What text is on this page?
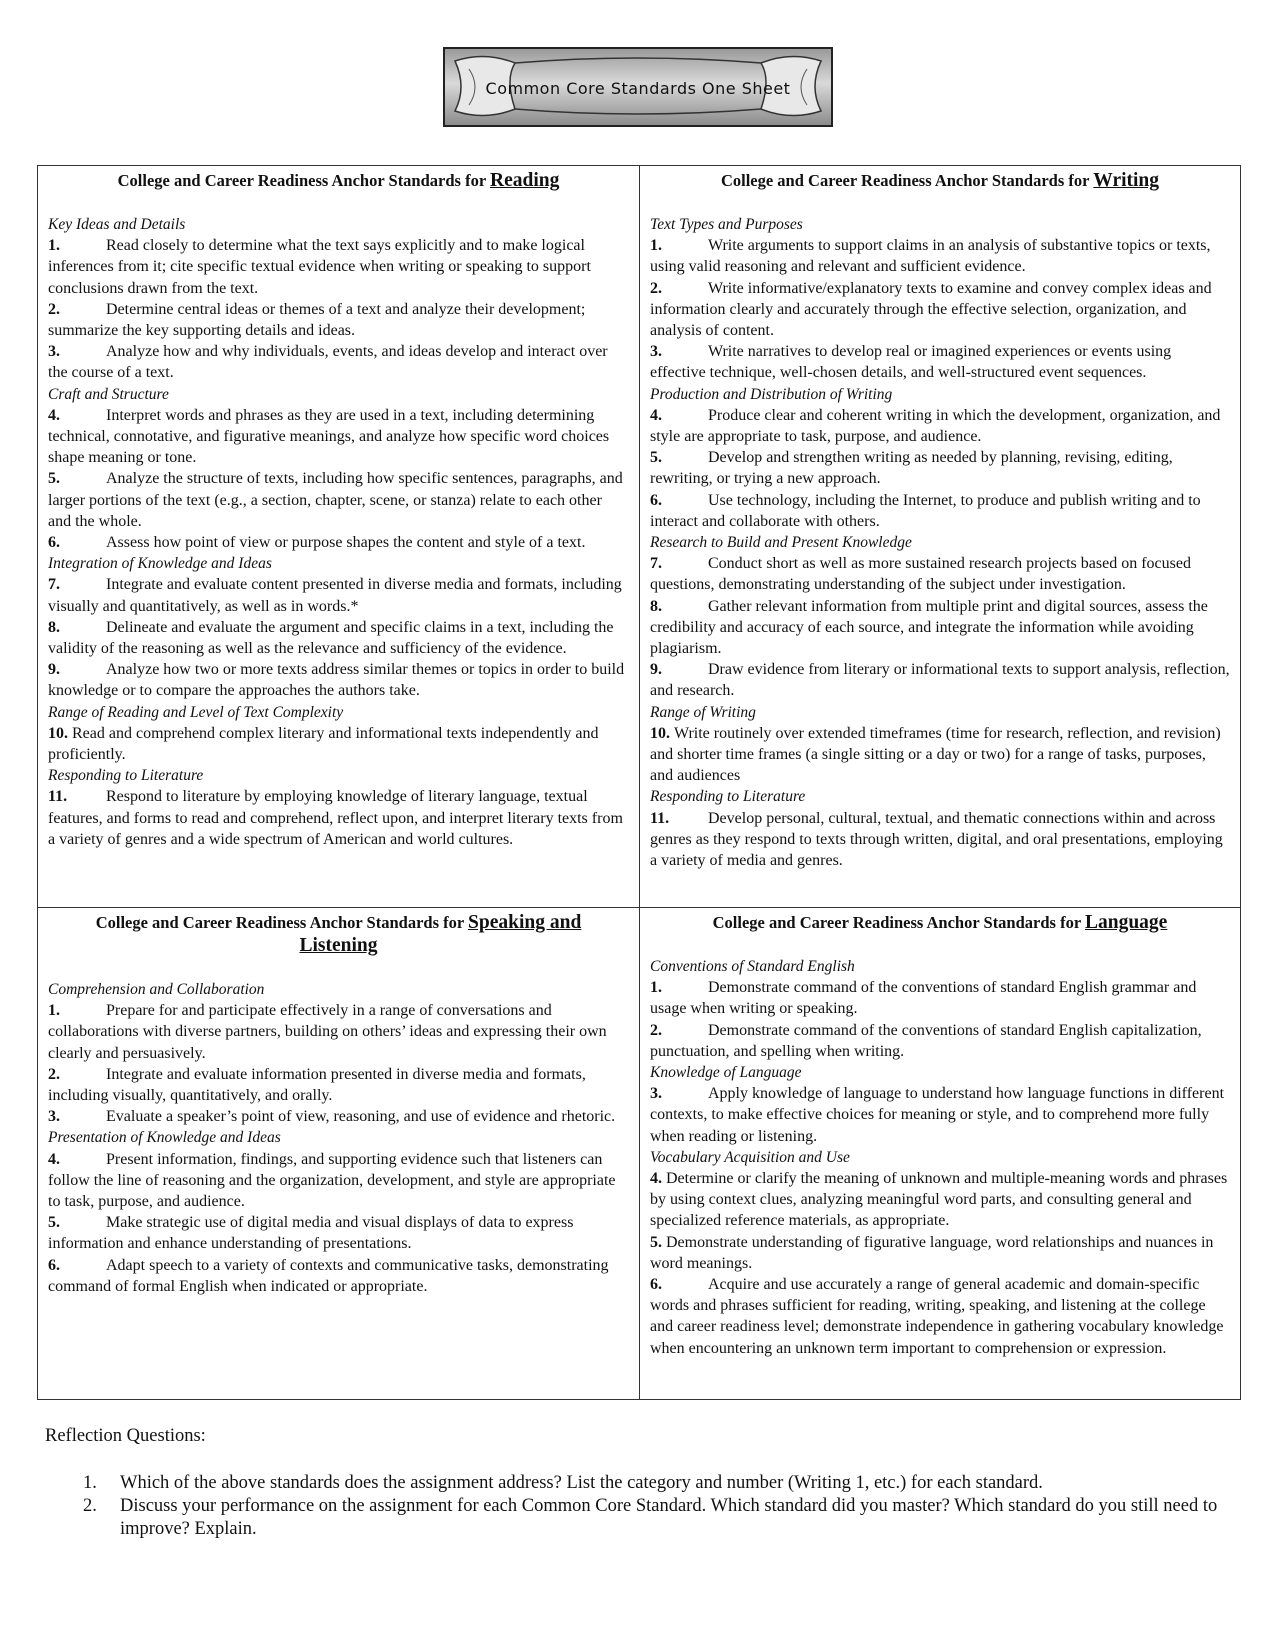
Common Core Standards One Sheet
College and Career Readiness Anchor Standards for Reading

Key Ideas and Details

1.	Read closely to determine what the text says explicitly and to make logical inferences from it; cite specific textual evidence when writing or speaking to support conclusions drawn from the text.

2.	Determine central ideas or themes of a text and analyze their development; summarize the key supporting details and ideas.

3.	Analyze how and why individuals, events, and ideas develop and interact over the course of a text.

Craft and Structure

4.	Interpret words and phrases as they are used in a text, including determining technical, connotative, and figurative meanings, and analyze how specific word choices shape meaning or tone.

5.	Analyze the structure of texts, including how specific sentences, paragraphs, and larger portions of the text (e.g., a section, chapter, scene, or stanza) relate to each other and the whole.

6.	Assess how point of view or purpose shapes the content and style of a text.

Integration of Knowledge and Ideas

7.	Integrate and evaluate content presented in diverse media and formats, including visually and quantitatively, as well as in words.*

8.	Delineate and evaluate the argument and specific claims in a text, including the validity of the reasoning as well as the relevance and sufficiency of the evidence.

9.	Analyze how two or more texts address similar themes or topics in order to build knowledge or to compare the approaches the authors take.

Range of Reading and Level of Text Complexity

10. Read and comprehend complex literary and informational texts independently and proficiently.

Responding to Literature

11. Respond to literature by employing knowledge of literary language, textual features, and forms to read and comprehend, reflect upon, and interpret literary texts from a variety of genres and a wide spectrum of American and world cultures.

College and Career Readiness Anchor Standards for Writing

Text Types and Purposes

1.	Write arguments to support claims in an analysis of substantive topics or texts, using valid reasoning and relevant and sufficient evidence.

2.	Write informative/explanatory texts to examine and convey complex ideas and information clearly and accurately through the effective selection, organization, and analysis of content.

3.	Write narratives to develop real or imagined experiences or events using effective technique, well-chosen details, and well-structured event sequences.

Production and Distribution of Writing

4.	Produce clear and coherent writing in which the development, organization, and style are appropriate to task, purpose, and audience.

5.	Develop and strengthen writing as needed by planning, revising, editing, rewriting, or trying a new approach.

6.	Use technology, including the Internet, to produce and publish writing and to interact and collaborate with others.

Research to Build and Present Knowledge

7.	Conduct short as well as more sustained research projects based on focused questions, demonstrating understanding of the subject under investigation.

8.	Gather relevant information from multiple print and digital sources, assess the credibility and accuracy of each source, and integrate the information while avoiding plagiarism.

9.	Draw evidence from literary or informational texts to support analysis, reflection, and research.

Range of Writing

10. Write routinely over extended timeframes (time for research, reflection, and revision) and shorter time frames (a single sitting or a day or two) for a range of tasks, purposes, and audiences

Responding to Literature

11. Develop personal, cultural, textual, and thematic connections within and across genres as they respond to texts through written, digital, and oral presentations, employing a variety of media and genres.

College and Career Readiness Anchor Standards for Speaking and Listening

Comprehension and Collaboration

1.	Prepare for and participate effectively in a range of conversations and collaborations with diverse partners, building on others’ ideas and expressing their own clearly and persuasively.

2.	Integrate and evaluate information presented in diverse media and formats, including visually, quantitatively, and orally.

3.	Evaluate a speaker’s point of view, reasoning, and use of evidence and rhetoric.

Presentation of Knowledge and Ideas

4.	Present information, findings, and supporting evidence such that listeners can follow the line of reasoning and the organization, development, and style are appropriate to task, purpose, and audience.

5.	Make strategic use of digital media and visual displays of data to express information and enhance understanding of presentations.

6.	Adapt speech to a variety of contexts and communicative tasks, demonstrating command of formal English when indicated or appropriate.

College and Career Readiness Anchor Standards for Language

Conventions of Standard English

1.	Demonstrate command of the conventions of standard English grammar and usage when writing or speaking.

2.	Demonstrate command of the conventions of standard English capitalization, punctuation, and spelling when writing.

Knowledge of Language

3.	Apply knowledge of language to understand how language functions in different contexts, to make effective choices for meaning or style, and to comprehend more fully when reading or listening.

Vocabulary Acquisition and Use

4. Determine or clarify the meaning of unknown and multiple-meaning words and phrases by using context clues, analyzing meaningful word parts, and consulting general and specialized reference materials, as appropriate.

5. Demonstrate understanding of figurative language, word relationships and nuances in word meanings.

6.	Acquire and use accurately a range of general academic and domain-specific words and phrases sufficient for reading, writing, speaking, and listening at the college and career readiness level; demonstrate independence in gathering vocabulary knowledge when encountering an unknown term important to comprehension or expression.

Reflection Questions:

1. Which of the above standards does the assignment address? List the category and number (Writing 1, etc.) for each standard.

2. Discuss your performance on the assignment for each Common Core Standard. Which standard did you master? Which standard do you still need to improve? Explain.
